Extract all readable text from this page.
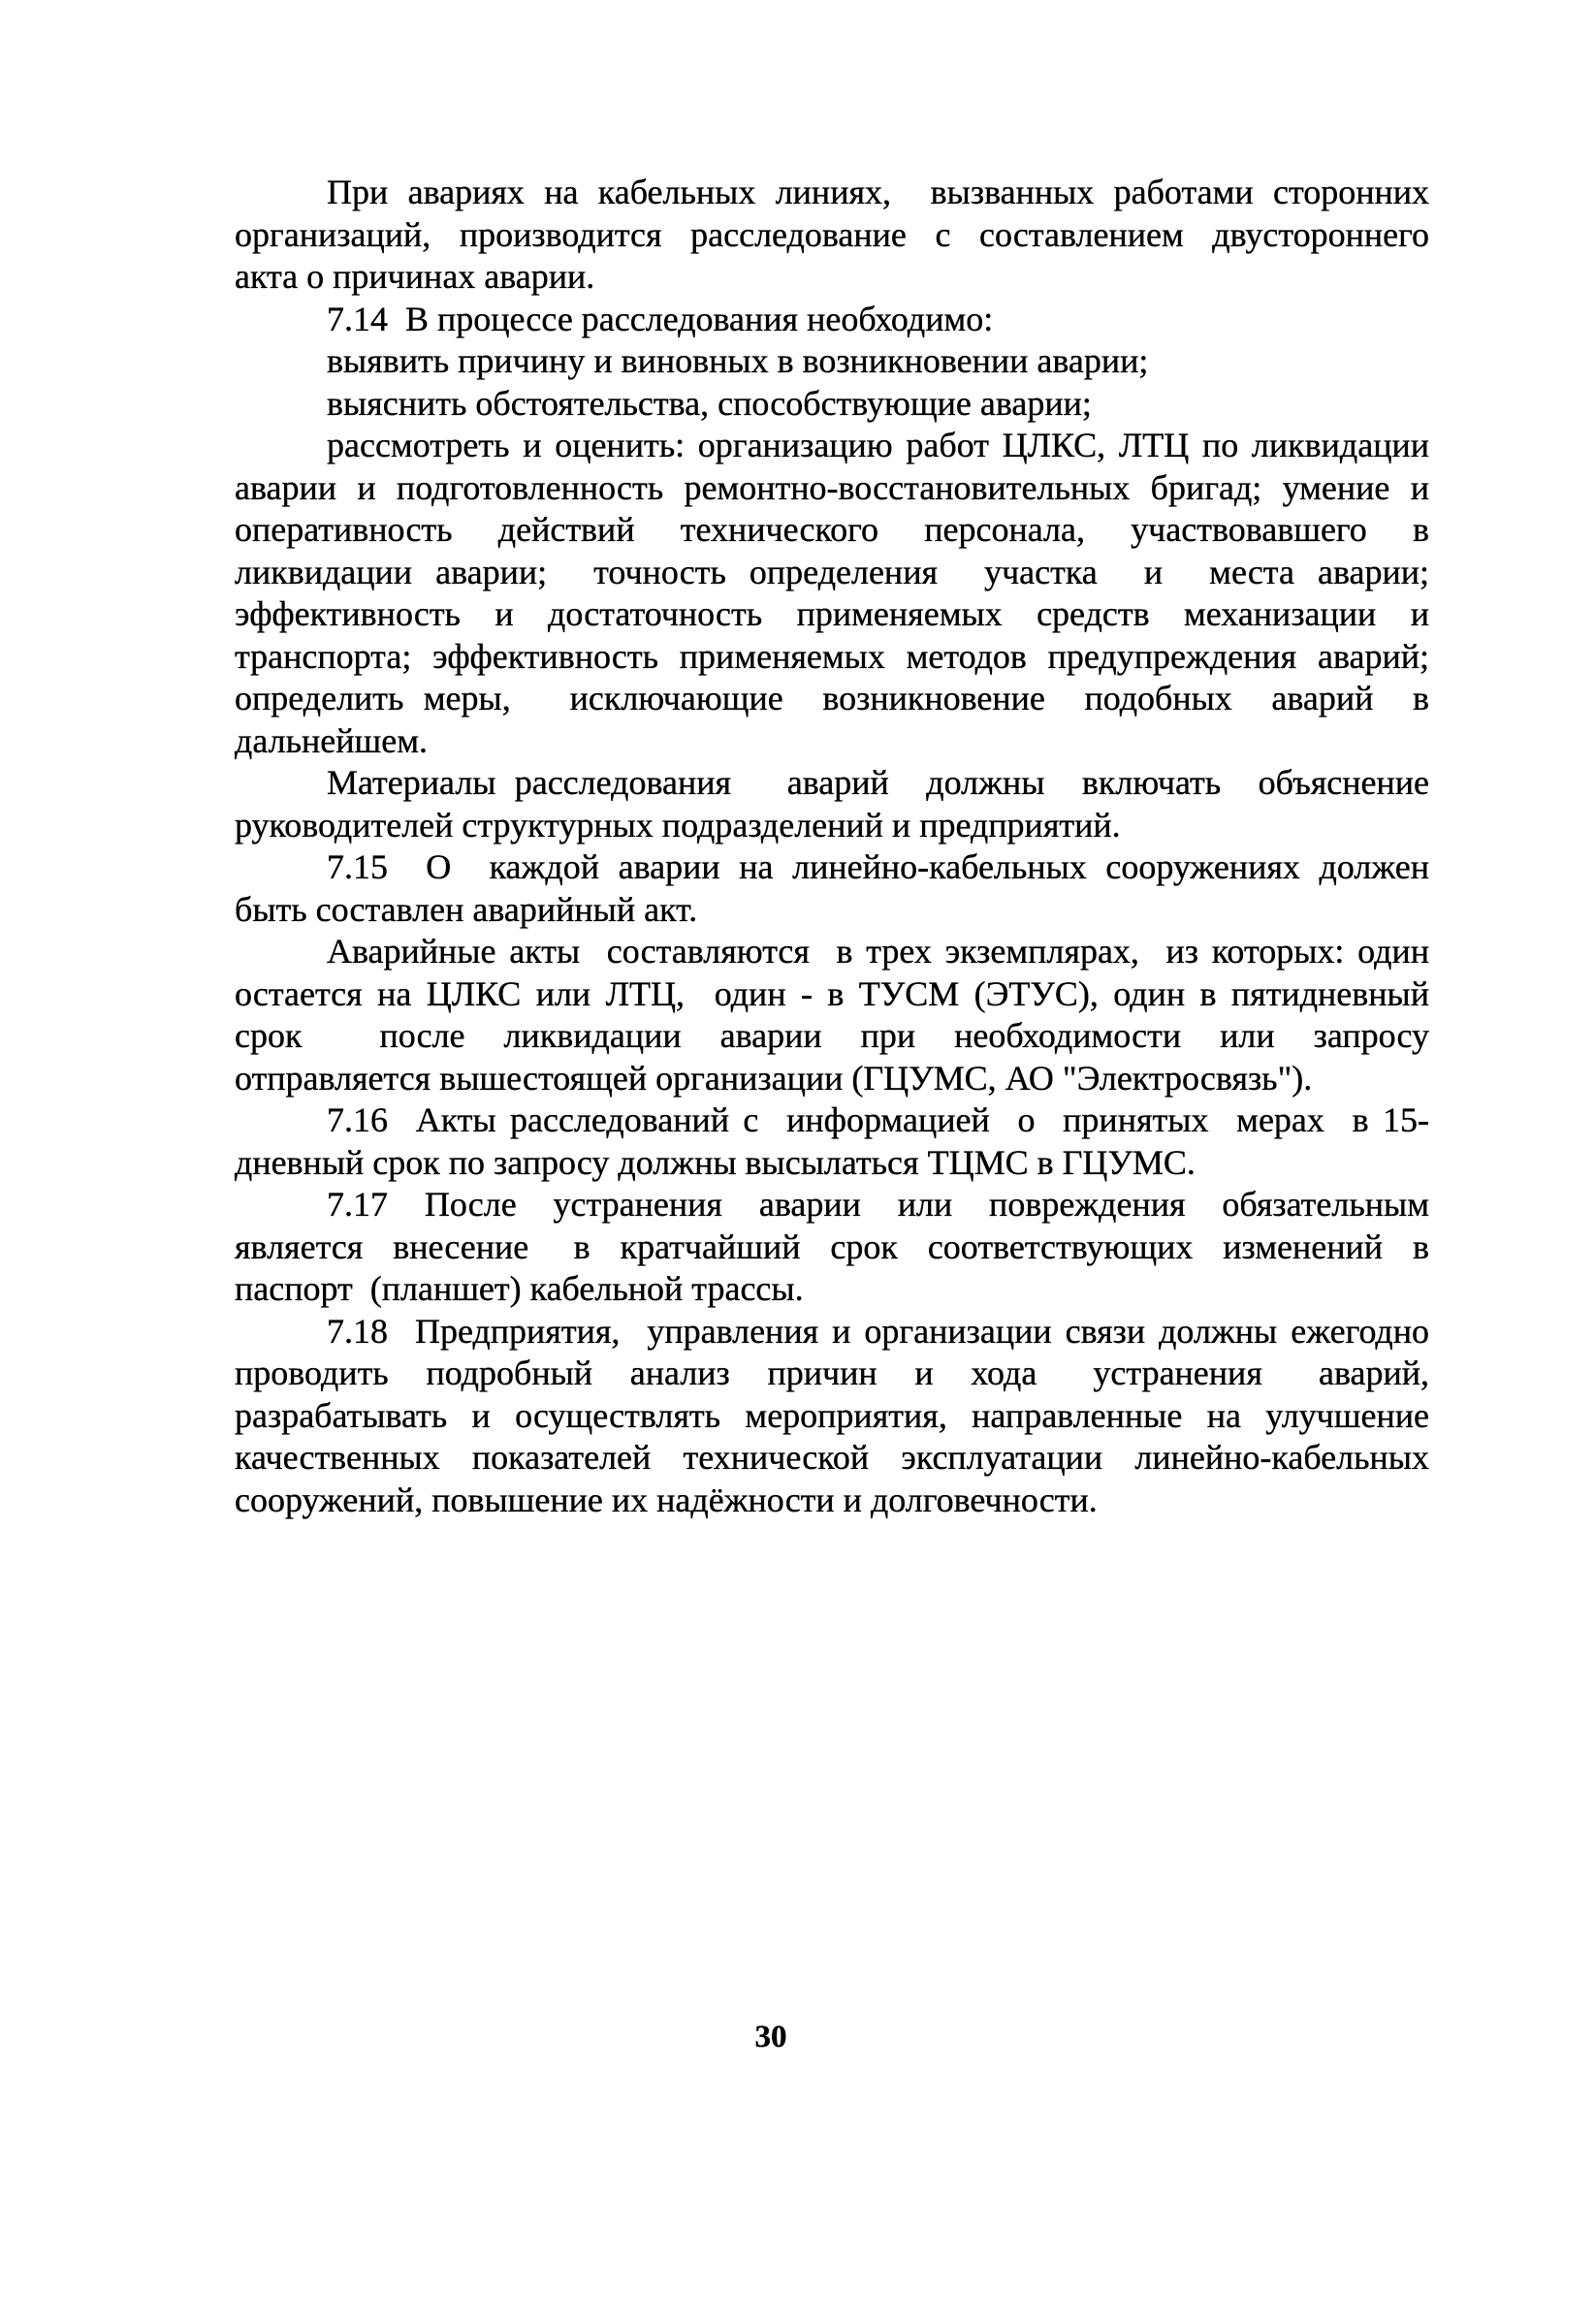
При авариях на кабельных линиях,  вызванных работами сторонних
организаций, производится расследование с составлением двустороннего
акта о причинах аварии.
7.14  В процессе расследования необходимо:
выявить причину и виновных в возникновении аварии;
выяснить обстоятельства, способствующие аварии;
рассмотреть и оценить: организацию работ ЦЛКС, ЛТЦ по ликвидации
аварии и подготовленность ремонтно-восстановительных бригад; умение и
оперативность  действий  технического  персонала,  участвовавшего  в
ликвидации аварии;  точность определения  участка  и  места аварии;
эффективность  и  достаточность  применяемых  средств  механизации  и
транспорта; эффективность применяемых методов предупреждения аварий;
определить меры,   исключающие  возникновение  подобных  аварий  в
дальнейшем.
Материалы расследования   аварий  должны  включать  объяснение
руководителей структурных подразделений и предприятий.
7.15  О  каждой аварии на линейно-кабельных сооружениях должен
быть составлен аварийный акт.
Аварийные акты  составляются  в трех экземплярах,  из которых: один
остается на ЦЛКС или ЛТЦ,  один - в ТУСМ (ЭТУС), один в пятидневный
срок    после  ликвидации  аварии  при  необходимости  или  запросу
отправляется вышестоящей организации (ГЦУМС, АО "Электросвязь").
7.16  Акты расследований с  информацией  о  принятых  мерах  в 15-
дневный срок по запросу должны высылаться ТЦМС в ГЦУМС.
7.17  После  устранения  аварии  или  повреждения  обязательным
является  внесение   в  кратчайший  срок  соответствующих  изменений  в
паспорт  (планшет) кабельной трассы.
7.18  Предприятия,  управления и организации связи должны ежегодно
проводить  подробный  анализ  причин  и  хода   устранения   аварий,
разрабатывать и осуществлять мероприятия, направленные на улучшение
качественных показателей технической эксплуатации линейно-кабельных
сооружений, повышение их надёжности и долговечности.
30
